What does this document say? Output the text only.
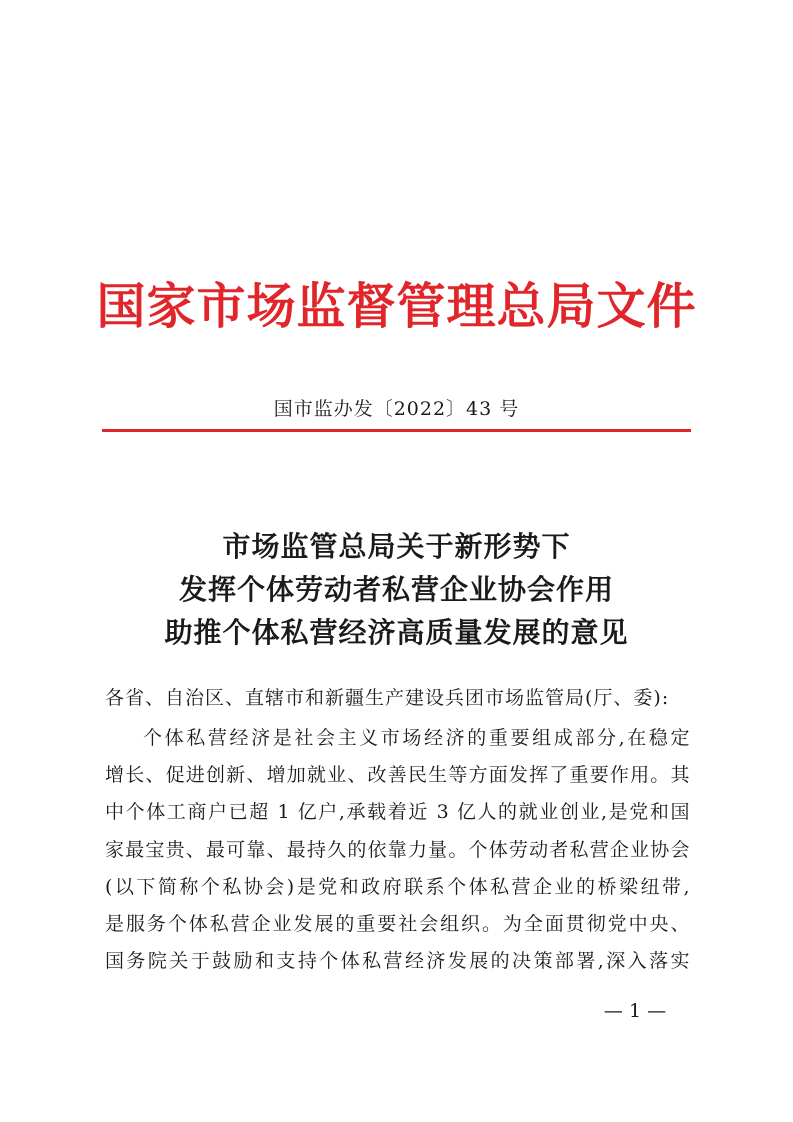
国家市场监督管理总局文件
国市监办发〔2022〕43 号
市场监管总局关于新形势下
发挥个体劳动者私营企业协会作用
助推个体私营经济高质量发展的意见
各省、自治区、直辖市和新疆生产建设兵团市场监管局(厅、委):
个体私营经济是社会主义市场经济的重要组成部分,在稳定
增长、促进创新、增加就业、改善民生等方面发挥了重要作用。其
中个体工商户已超 1 亿户,承载着近 3 亿人的就业创业,是党和国
家最宝贵、最可靠、最持久的依靠力量。个体劳动者私营企业协会
(以下简称个私协会)是党和政府联系个体私营企业的桥梁纽带,
是服务个体私营企业发展的重要社会组织。为全面贯彻党中央、
国务院关于鼓励和支持个体私营经济发展的决策部署,深入落实
— 1 —
